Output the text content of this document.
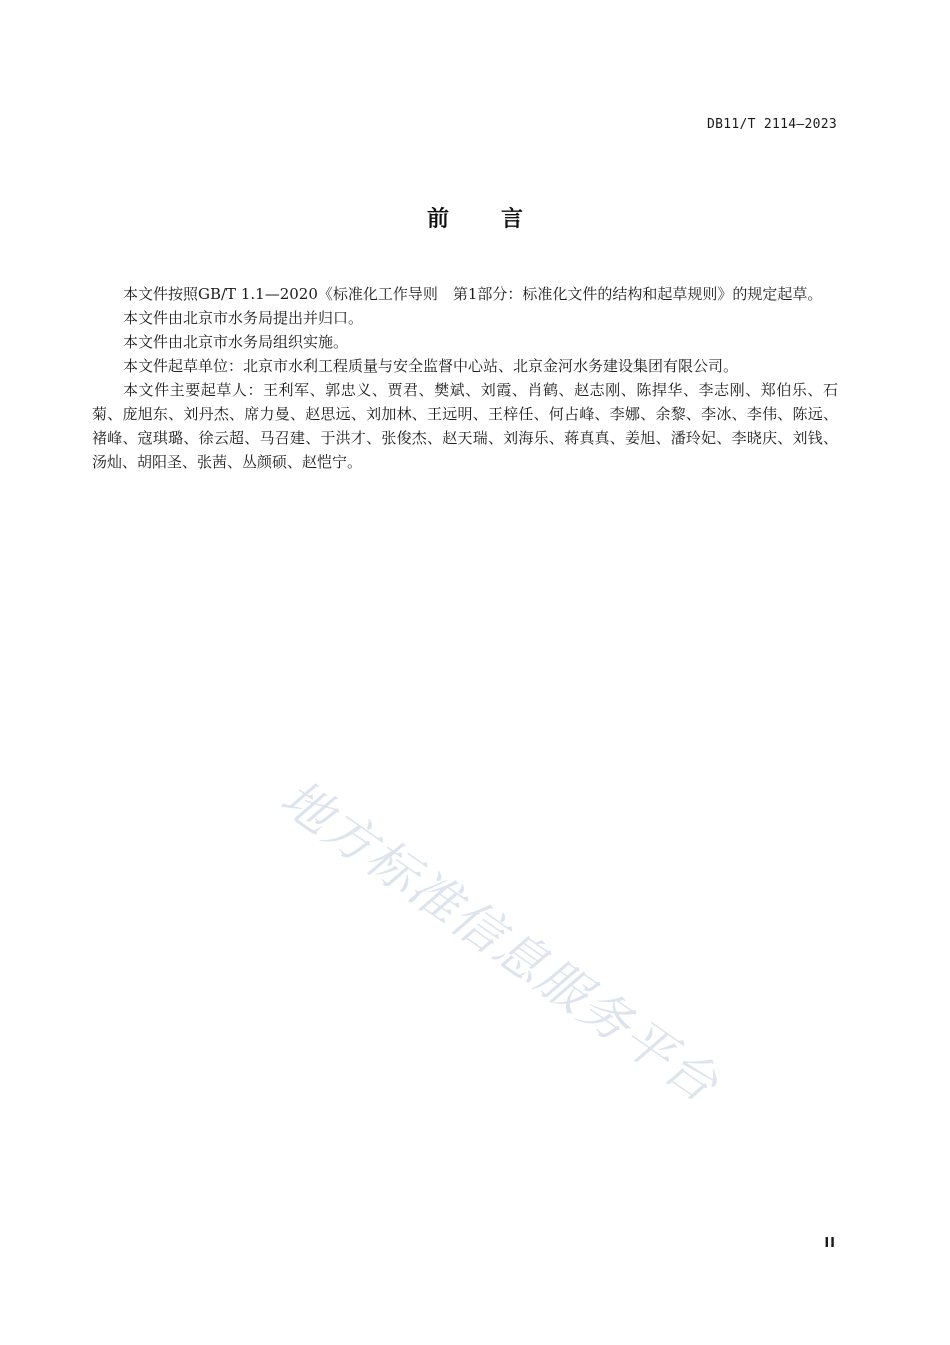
DB11/T 2114—2023
前言

本文件按照GB/T 1.1—2020《标准化工作导则　第1部分：标准化文件的结构和起草规则》的规定起草。

本文件由北京市水务局提出并归口。

本文件由北京市水务局组织实施。

本文件起草单位：北京市水利工程质量与安全监督中心站、北京金河水务建设集团有限公司。

本文件主要起草人：王利军、郭忠义、贾君、樊斌、刘霞、肖鹤、赵志刚、陈捍华、李志刚、郑伯乐、石菊、庞旭东、刘丹杰、席力曼、赵思远、刘加林、王远明、王梓任、何占峰、李娜、余黎、李冰、李伟、陈远、褚峰、寇琪璐、徐云超、马召建、于洪才、张俊杰、赵天瑞、刘海乐、蒋真真、姜旭、潘玲妃、李晓庆、刘钱、汤灿、胡阳圣、张茜、丛颜硕、赵恺宁。

地方标准信息服务平台
II
